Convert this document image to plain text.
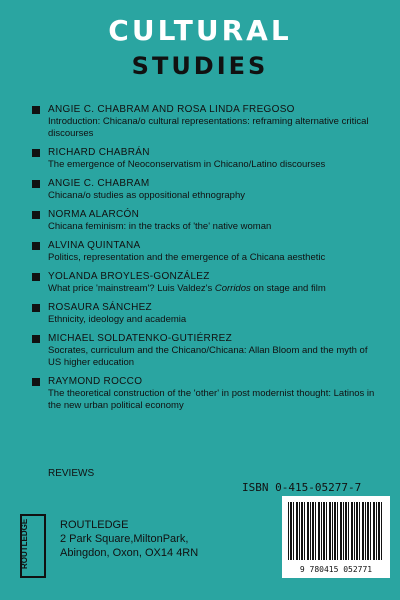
CULTURAL
STUDIES
ANGIE C. CHABRAM AND ROSA LINDA FREGOSO
Introduction: Chicana/o cultural representations: reframing alternative critical discourses
RICHARD CHABRÁN
The emergence of Neoconservatism in Chicano/Latino discourses
ANGIE C. CHABRAM
Chicana/o studies as oppositional ethnography
NORMA ALARCÓN
Chicana feminism: in the tracks of 'the' native woman
ALVINA QUINTANA
Politics, representation and the emergence of a Chicana aesthetic
YOLANDA BROYLES-GONZÁLEZ
What price 'mainstream'? Luis Valdez's Corridos on stage and film
ROSAURA SÁNCHEZ
Ethnicity, ideology and academia
MICHAEL SOLDATENKO-GUTIÉRREZ
Socrates, curriculum and the Chicano/Chicana: Allan Bloom and the myth of US higher education
RAYMOND ROCCO
The theoretical construction of the 'other' in post modernist thought: Latinos in the new urban political economy
REVIEWS
ISBN 0-415-05277-7
9 780415 052771
ROUTLEDGE	ROUTLEDGE
2 Park Square,MiltonPark,
Abingdon, Oxon, OX14 4RN
